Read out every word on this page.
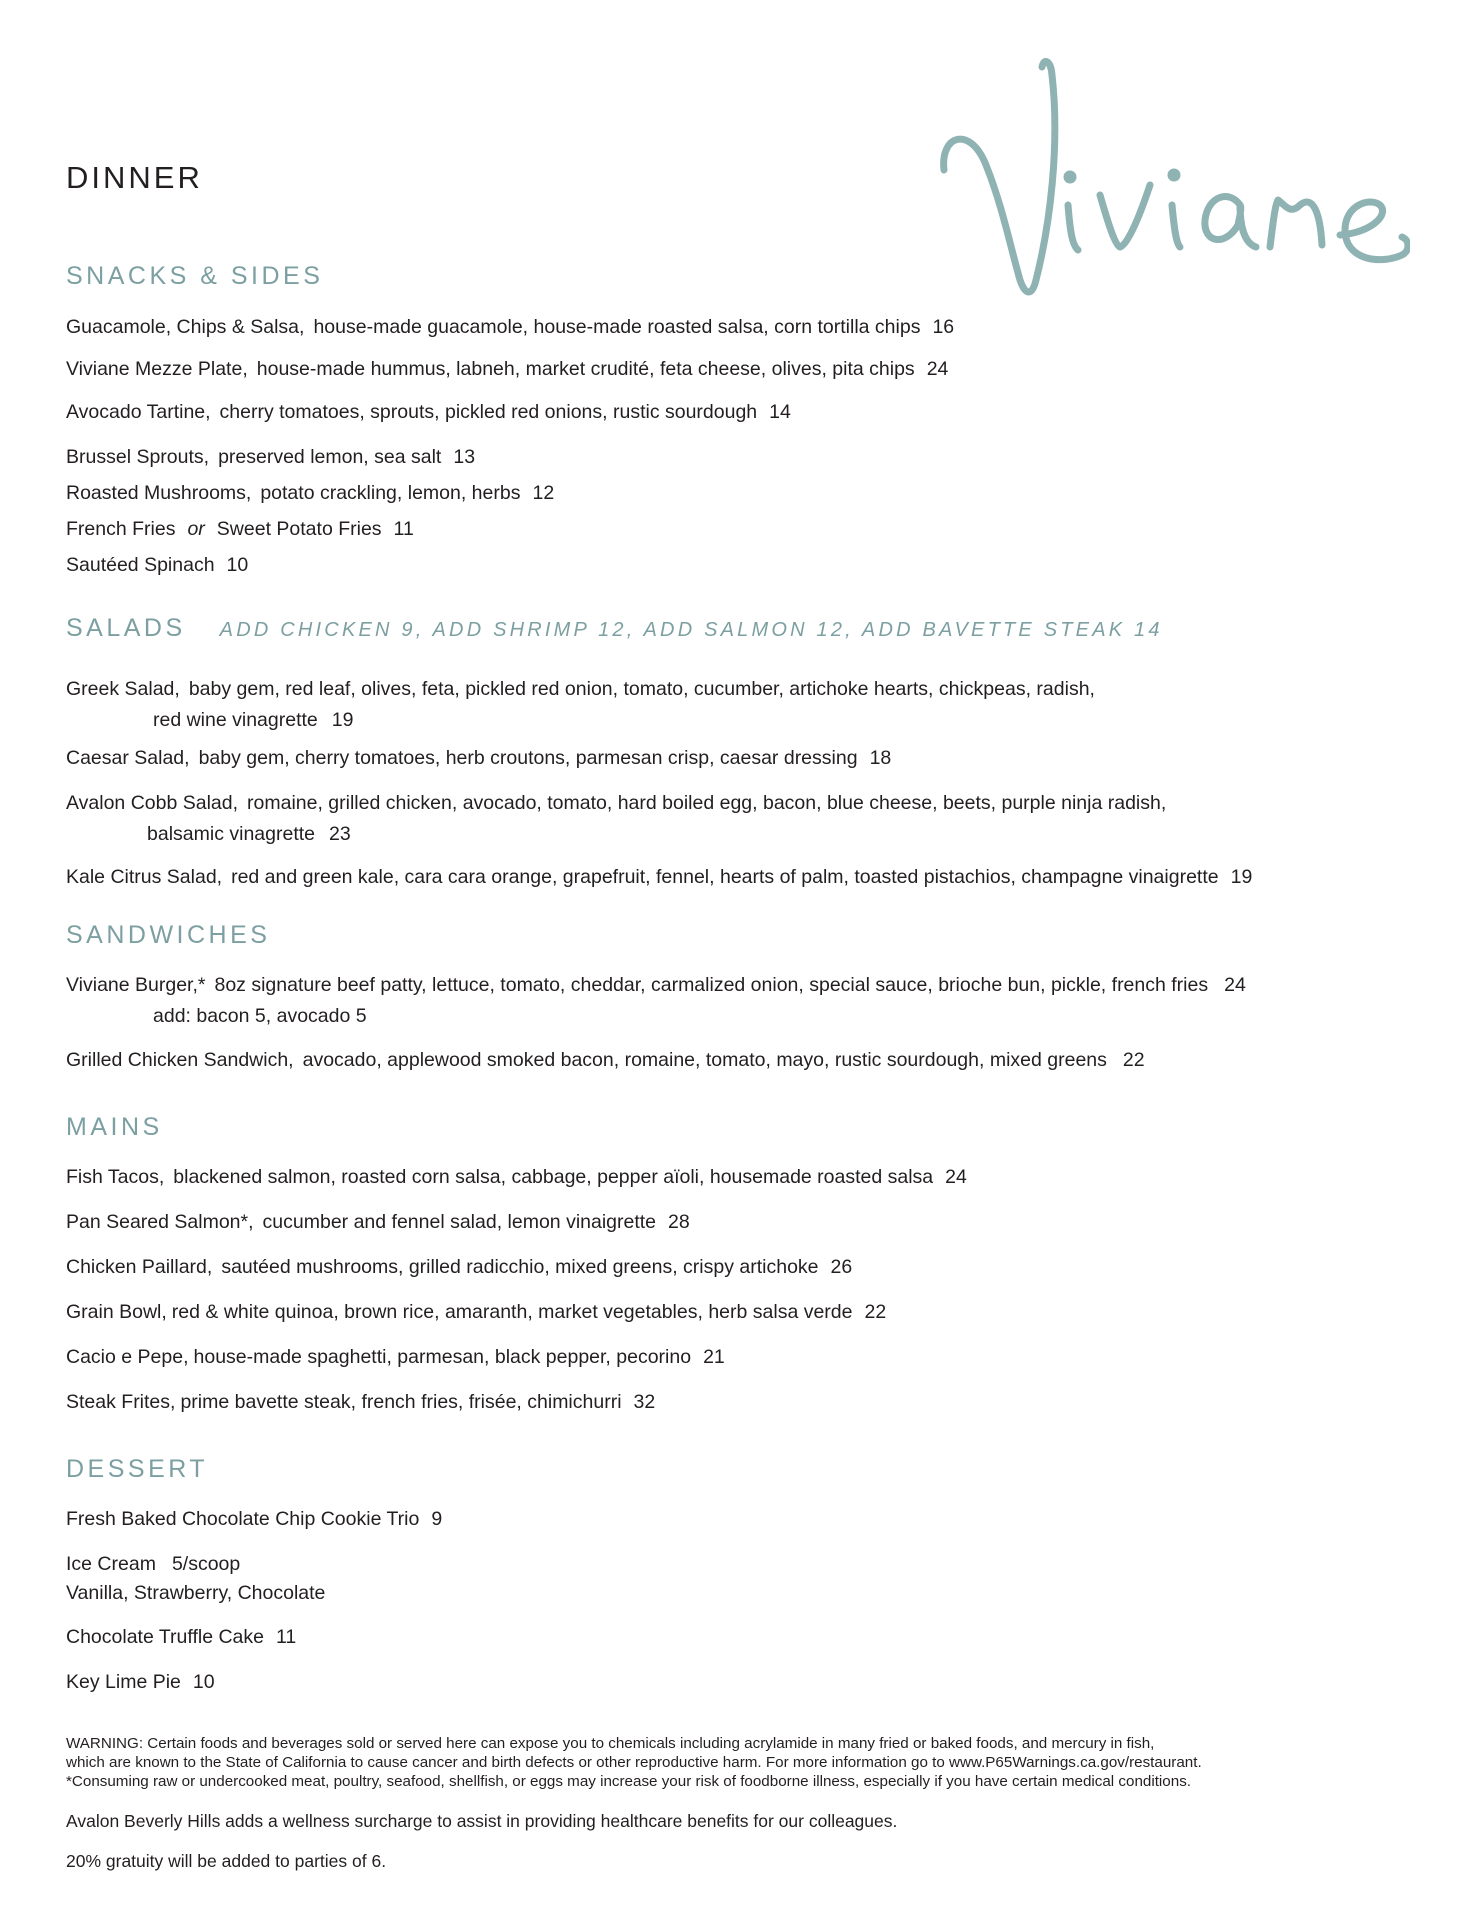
DINNER
SNACKS & SIDES
Guacamole, Chips & Salsa, house-made guacamole, house-made roasted salsa, corn tortilla chips 16
Viviane Mezze Plate, house-made hummus, labneh, market crudité, feta cheese, olives, pita chips 24
Avocado Tartine, cherry tomatoes, sprouts, pickled red onions, rustic sourdough 14
Brussel Sprouts, preserved lemon, sea salt 13
Roasted Mushrooms, potato crackling, lemon, herbs 12
French Fries or Sweet Potato Fries 11
Sautéed Spinach 10
SALADS ADD CHICKEN 9, ADD SHRIMP 12, ADD SALMON 12, ADD BAVETTE STEAK 14
Greek Salad, baby gem, red leaf, olives, feta, pickled red onion, tomato, cucumber, artichoke hearts, chickpeas, radish,
red wine vinagrette 19
Caesar Salad, baby gem, cherry tomatoes, herb croutons, parmesan crisp, caesar dressing 18
Avalon Cobb Salad, romaine, grilled chicken, avocado, tomato, hard boiled egg, bacon, blue cheese, beets, purple ninja radish,
balsamic vinagrette 23
Kale Citrus Salad, red and green kale, cara cara orange, grapefruit, fennel, hearts of palm, toasted pistachios, champagne vinaigrette 19
SANDWICHES
Viviane Burger,* 8oz signature beef patty, lettuce, tomato, cheddar, carmalized onion, special sauce, brioche bun, pickle, french fries 24
add: bacon 5, avocado 5
Grilled Chicken Sandwich, avocado, applewood smoked bacon, romaine, tomato, mayo, rustic sourdough, mixed greens 22
MAINS
Fish Tacos, blackened salmon, roasted corn salsa, cabbage, pepper aïoli, housemade roasted salsa 24
Pan Seared Salmon*, cucumber and fennel salad, lemon vinaigrette 28
Chicken Paillard, sautéed mushrooms, grilled radicchio, mixed greens, crispy artichoke 26
Grain Bowl, red & white quinoa, brown rice, amaranth, market vegetables, herb salsa verde 22
Cacio e Pepe, house-made spaghetti, parmesan, black pepper, pecorino 21
Steak Frites, prime bavette steak, french fries, frisée, chimichurri 32
DESSERT
Fresh Baked Chocolate Chip Cookie Trio 9
Ice Cream 5/scoop
Vanilla, Strawberry, Chocolate
Chocolate Truffle Cake 11
Key Lime Pie 10
WARNING: Certain foods and beverages sold or served here can expose you to chemicals including acrylamide in many fried or baked foods, and mercury in fish,
which are known to the State of California to cause cancer and birth defects or other reproductive harm. For more information go to www.P65Warnings.ca.gov/restaurant.
*Consuming raw or undercooked meat, poultry, seafood, shellfish, or eggs may increase your risk of foodborne illness, especially if you have certain medical conditions.
Avalon Beverly Hills adds a wellness surcharge to assist in providing healthcare benefits for our colleagues.
20% gratuity will be added to parties of 6.
